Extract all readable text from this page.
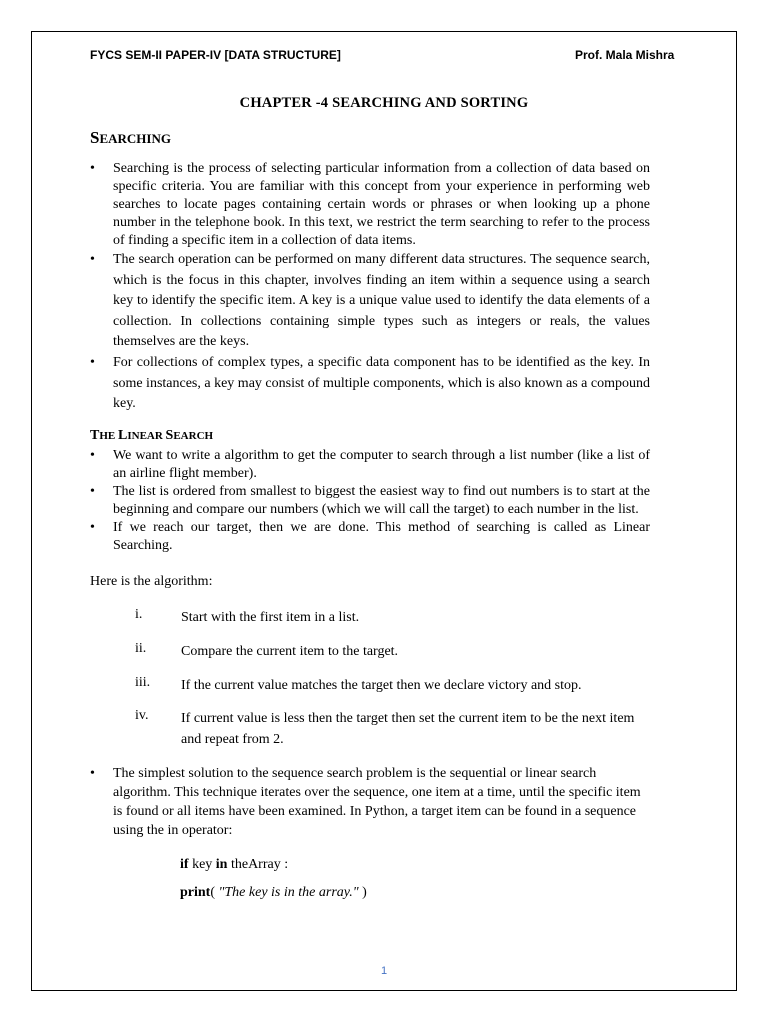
FYCS SEM-II PAPER-IV [DATA STRUCTURE]	Prof. Mala Mishra
CHAPTER -4 SEARCHING AND SORTING
SEARCHING
• Searching is the process of selecting particular information from a collection of data based on specific criteria. You are familiar with this concept from your experience in performing web searches to locate pages containing certain words or phrases or when looking up a phone number in the telephone book. In this text, we restrict the term searching to refer to the process of finding a specific item in a collection of data items.
• The search operation can be performed on many different data structures. The sequence search, which is the focus in this chapter, involves finding an item within a sequence using a search key to identify the specific item. A key is a unique value used to identify the data elements of a collection. In collections containing simple types such as integers or reals, the values themselves are the keys.
• For collections of complex types, a specific data component has to be identified as the key. In some instances, a key may consist of multiple components, which is also known as a compound key.
THE LINEAR SEARCH
• We want to write a algorithm to get the computer to search through a list number (like a list of an airline flight member).
• The list is ordered from smallest to biggest the easiest way to find out numbers is to start at the beginning and compare our numbers (which we will call the target) to each number in the list.
• If we reach our target, then we are done. This method of searching is called as Linear Searching.
Here is the algorithm:
i.	Start with the first item in a list.
ii.	Compare the current item to the target.
iii.	If the current value matches the target then we declare victory and stop.
iv.	If current value is less then the target then set the current item to be the next item and repeat from 2.
• The simplest solution to the sequence search problem is the sequential or linear search algorithm. This technique iterates over the sequence, one item at a time, until the specific item is found or all items have been examined. In Python, a target item can be found in a sequence using the in operator:
if key in theArray :
print( "The key is in the array." )
1
